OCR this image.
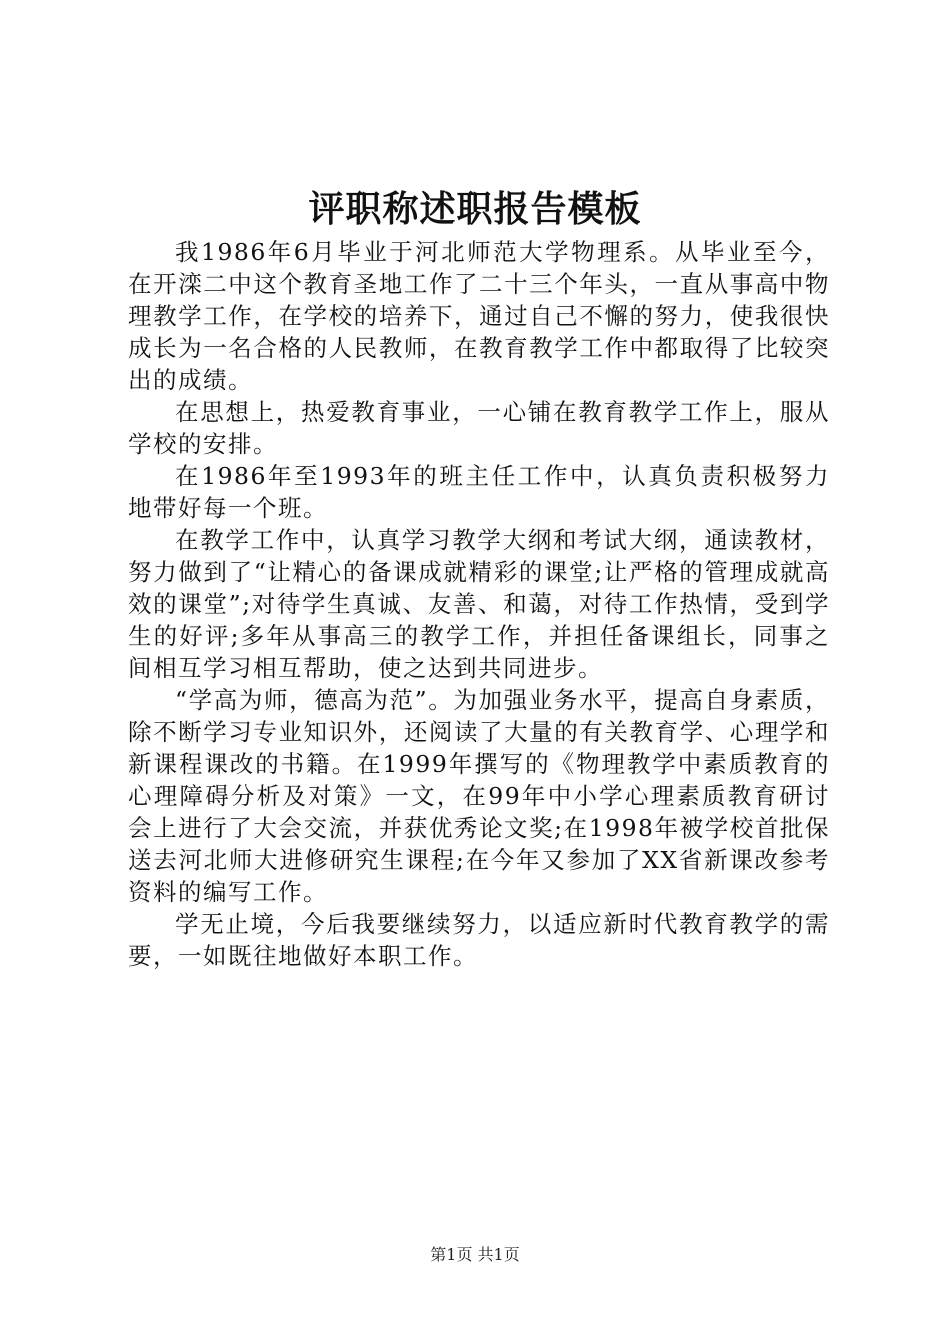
评职称述职报告模板

我1986年6月毕业于河北师范大学物理系。从毕业至今，在开滦二中这个教育圣地工作了二十三个年头，一直从事高中物理教学工作，在学校的培养下，通过自己不懈的努力，使我很快成长为一名合格的人民教师，在教育教学工作中都取得了比较突出的成绩。

在思想上，热爱教育事业，一心铺在教育教学工作上，服从学校的安排。

在1986年至1993年的班主任工作中，认真负责积极努力地带好每一个班。

在教学工作中，认真学习教学大纲和考试大纲，通读教材，努力做到了“让精心的备课成就精彩的课堂;让严格的管理成就高效的课堂”;对待学生真诚、友善、和蔼，对待工作热情，受到学生的好评;多年从事高三的教学工作，并担任备课组长，同事之间相互学习相互帮助，使之达到共同进步。

“学高为师，德高为范”。为加强业务水平，提高自身素质，除不断学习专业知识外，还阅读了大量的有关教育学、心理学和新课程课改的书籍。在1999年撰写的《物理教学中素质教育的心理障碍分析及对策》一文，在99年中小学心理素质教育研讨会上进行了大会交流，并获优秀论文奖;在1998年被学校首批保送去河北师大进修研究生课程;在今年又参加了XX省新课改参考资料的编写工作。

学无止境，今后我要继续努力，以适应新时代教育教学的需要，一如既往地做好本职工作。

第1页 共1页
